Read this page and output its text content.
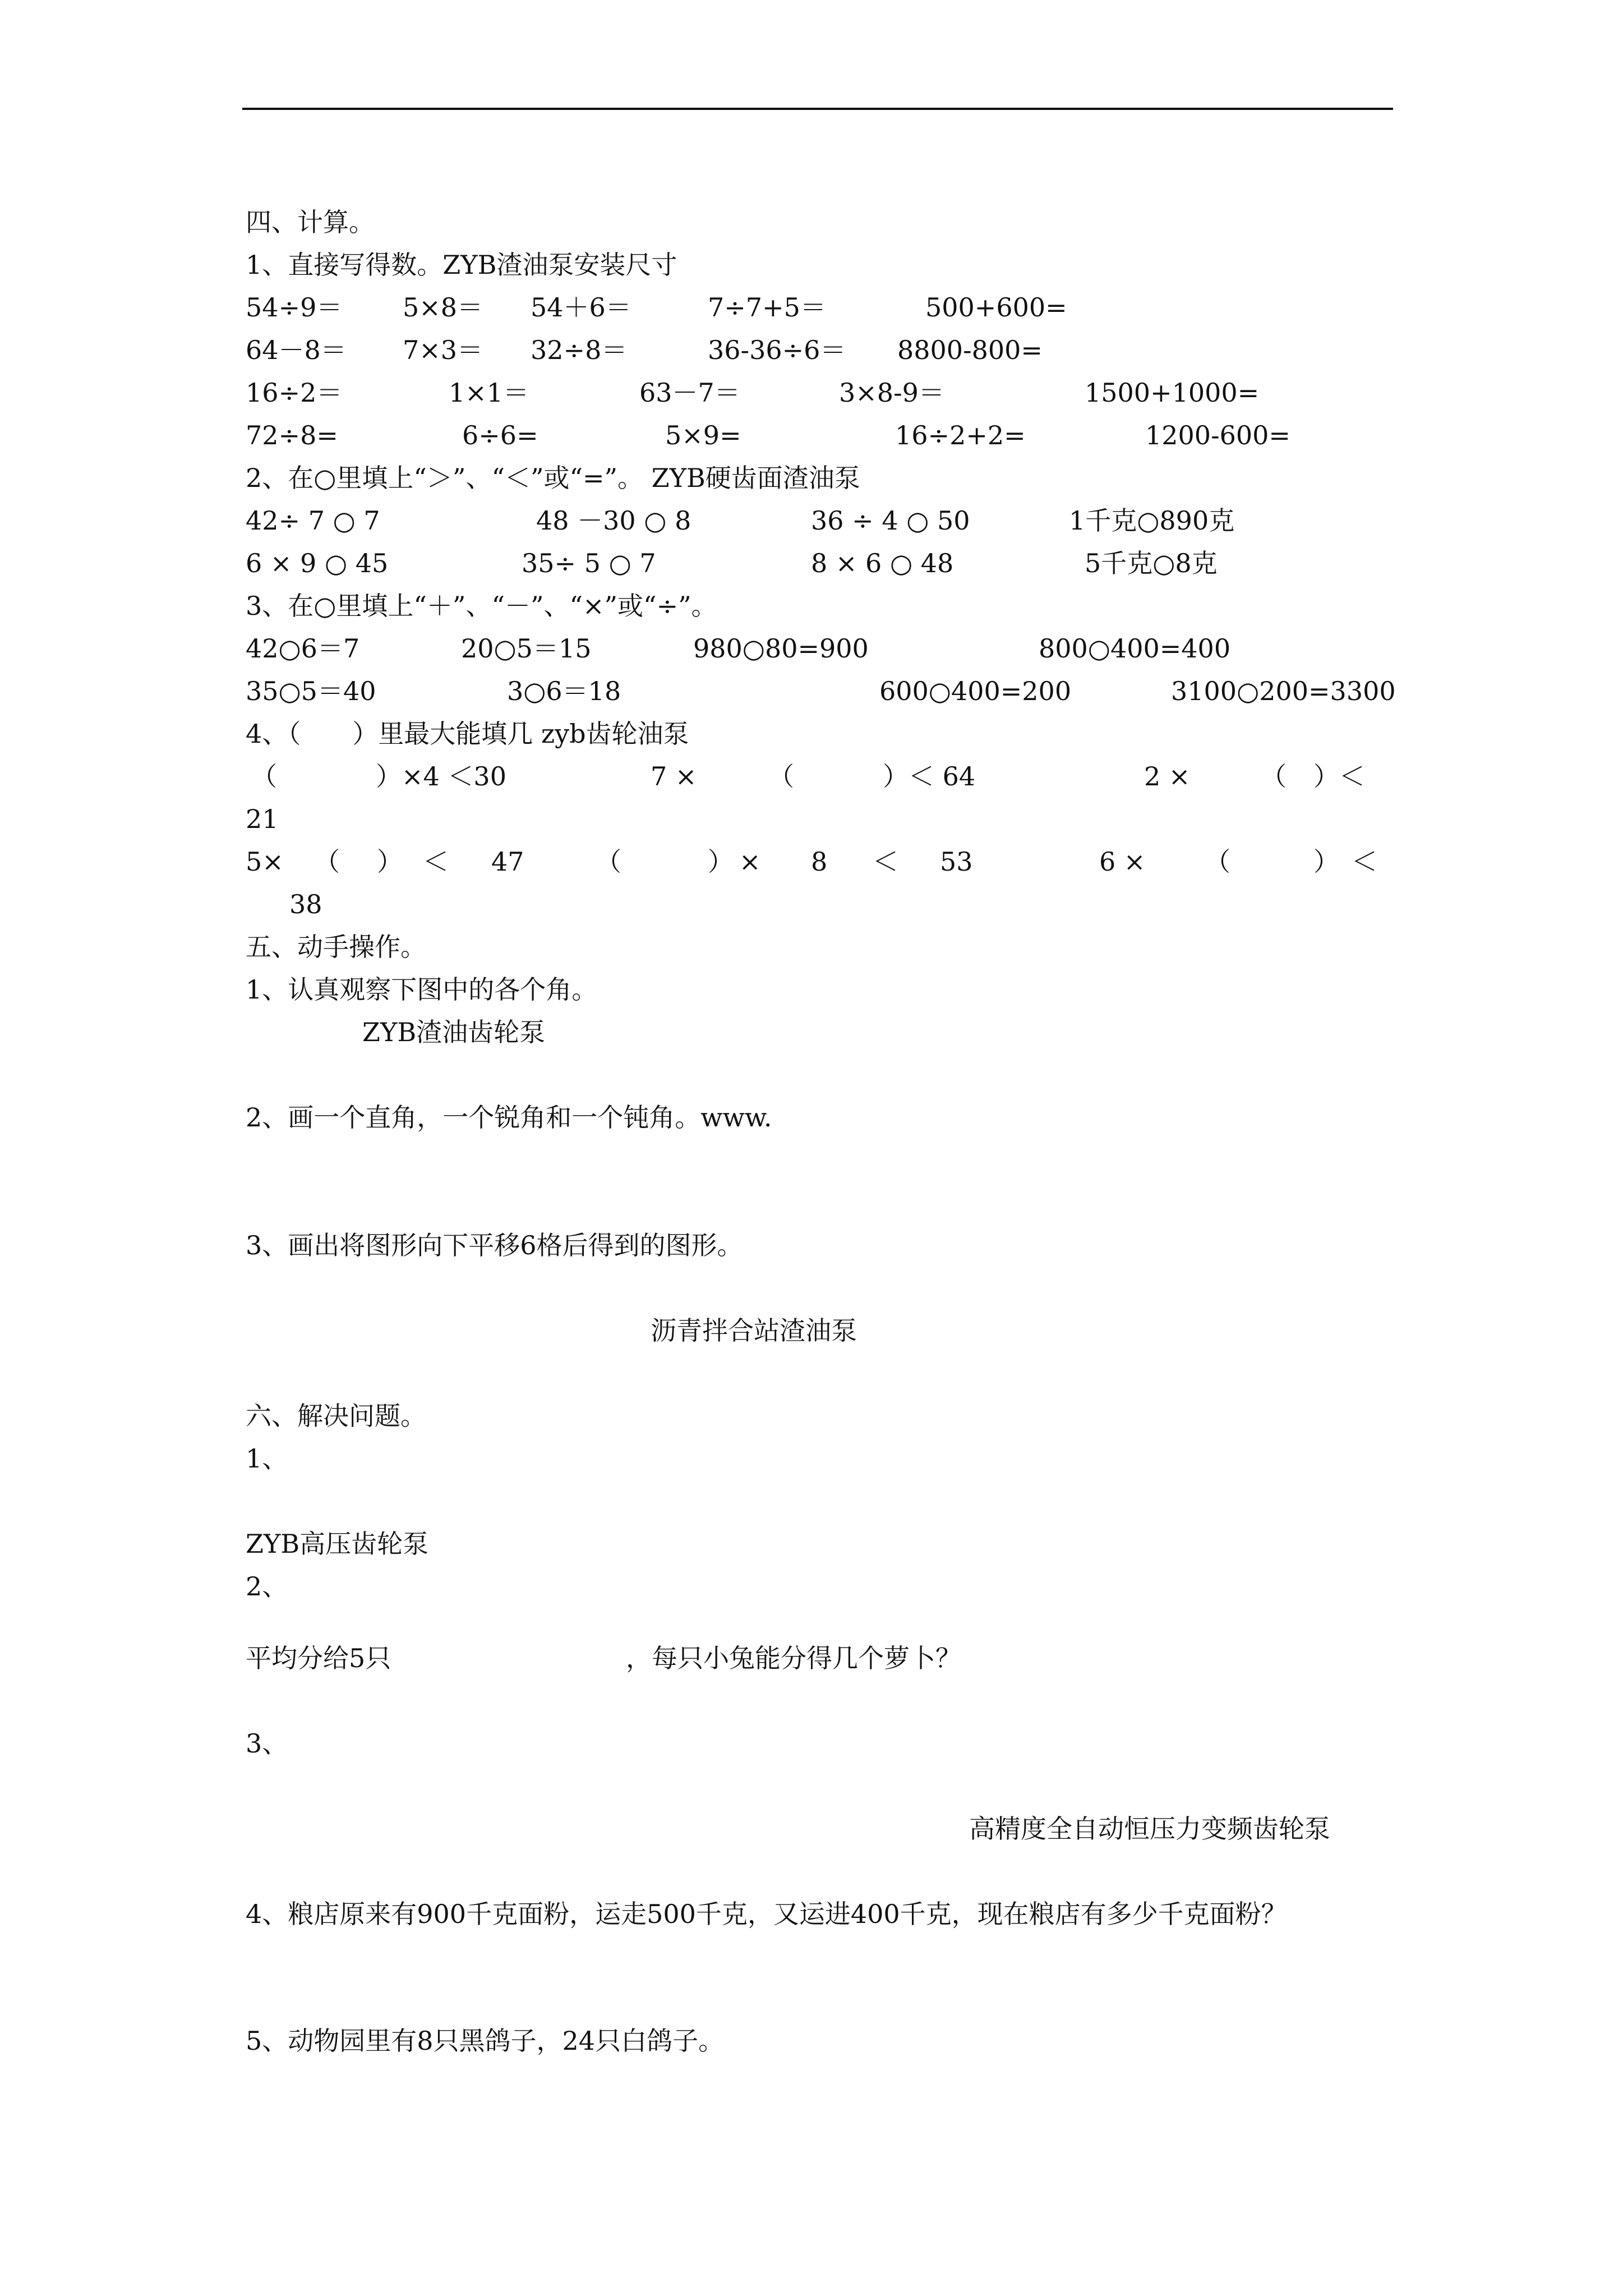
四、计算。
1、直接写得数。ZYB渣油泵安装尺寸
54÷9＝ 5×8＝ 54＋6＝	7÷7+5＝	500+600=
64－8＝ 7×3＝ 32÷8＝	36-36÷6＝ 8800-800=
16÷2＝	1×1＝	63－7＝	3×8-9＝	1500+1000=
72÷8=	6÷6=	5×9=	16÷2+2=	1200-600=
2、在○里填上“＞”、“＜”或“=”。 ZYB硬齿面渣油泵
42÷ 7 ○ 7	48 －30 ○ 8	36 ÷ 4 ○ 50	1千克○890克
6 × 9 ○ 45	35÷ 5 ○ 7	8 × 6 ○ 48	5千克○8克
3、在○里填上“＋”、“－”、“×”或“÷”。
42○6＝7	20○5＝15	980○80=900	800○400=400
35○5＝40	3○6＝18	600○400=200	3100○200=3300
4、（　　）里最大能填几 zyb齿轮油泵
（	）×4 ＜30	7 ×	（	）＜ 64	2 ×	（ ）＜
21
5× （ ） ＜ 47	（	） × 8 ＜ 53	6 × （	） ＜
38
五、动手操作。
1、认真观察下图中的各个角。
ZYB渣油齿轮泵
2、画一个直角，一个锐角和一个钝角。www.
3、画出将图形向下平移6格后得到的图形。
沥青拌合站渣油泵
六、解决问题。
1、
ZYB高压齿轮泵
2、
平均分给5只	，每只小兔能分得几个萝卜？
3、
高精度全自动恒压力变频齿轮泵
4、粮店原来有900千克面粉，运走500千克，又运进400千克，现在粮店有多少千克面粉？
5、动物园里有8只黑鸽子，24只白鸽子。
